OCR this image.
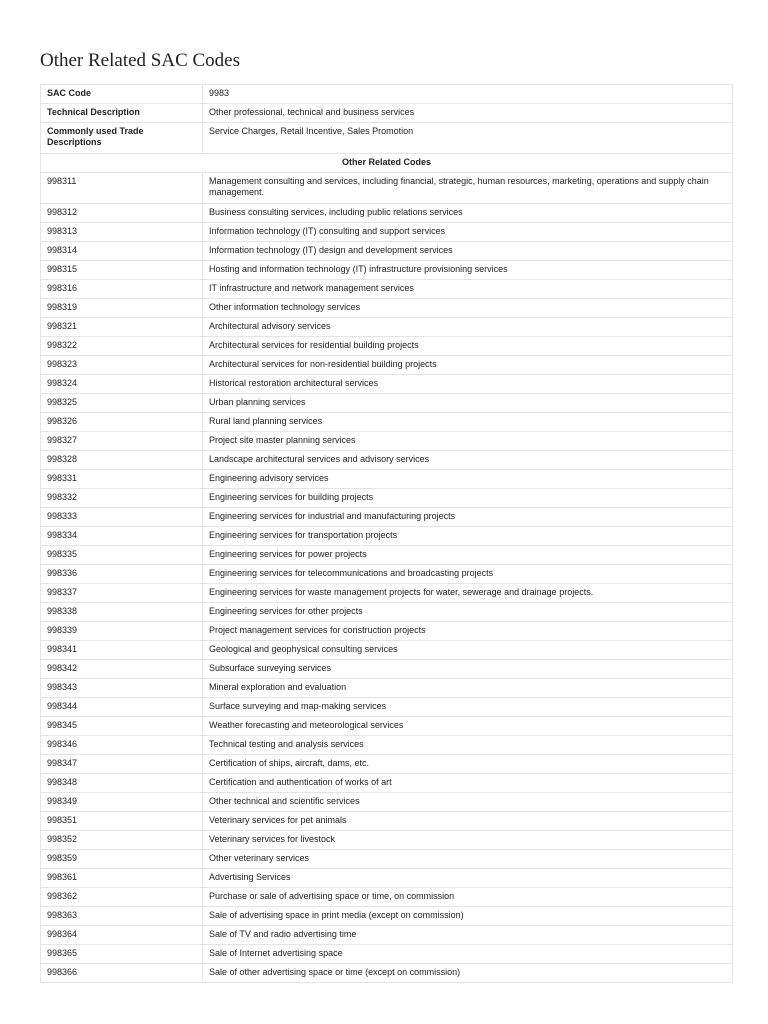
Other Related SAC Codes
SAC Code	9983
Technical Description	Other professional, technical and business services
Commonly used Trade Descriptions	Service Charges, Retail Incentive, Sales Promotion
Other Related Codes	
998311	Management consulting and services, including financial, strategic, human resources, marketing, operations and supply chain management.
998312	Business consulting services, including public relations services
998313	Information technology (IT) consulting and support services
998314	Information technology (IT) design and development services
998315	Hosting and information technology (IT) infrastructure provisioning services
998316	IT infrastructure and network management services
998319	Other information technology services
998321	Architectural advisory services
998322	Architectural services for residential building projects
998323	Architectural services for non-residential building projects
998324	Historical restoration architectural services
998325	Urban planning services
998326	Rural land planning services
998327	Project site master planning services
998328	Landscape architectural services and advisory services
998331	Engineering advisory services
998332	Engineering services for building projects
998333	Engineering services for industrial and manufacturing projects
998334	Engineering services for transportation projects
998335	Engineering services for power projects
998336	Engineering services for telecommunications and broadcasting projects
998337	Engineering services for waste management projects for water, sewerage and drainage projects.
998338	Engineering services for other projects
998339	Project management services for construction projects
998341	Geological and geophysical consulting services
998342	Subsurface surveying services
998343	Mineral exploration and evaluation
998344	Surface surveying and map-making services
998345	Weather forecasting and meteorological services
998346	Technical testing and analysis services
998347	Certification of ships, aircraft, dams, etc.
998348	Certification and authentication of works of art
998349	Other technical and scientific services
998351	Veterinary services for pet animals
998352	Veterinary services for livestock
998359	Other veterinary services
998361	Advertising Services
998362	Purchase or sale of advertising space or time, on commission
998363	Sale of advertising space in print media (except on commission)
998364	Sale of TV and radio advertising time
998365	Sale of Internet advertising space
998366	Sale of other advertising space or time (except on commission)
